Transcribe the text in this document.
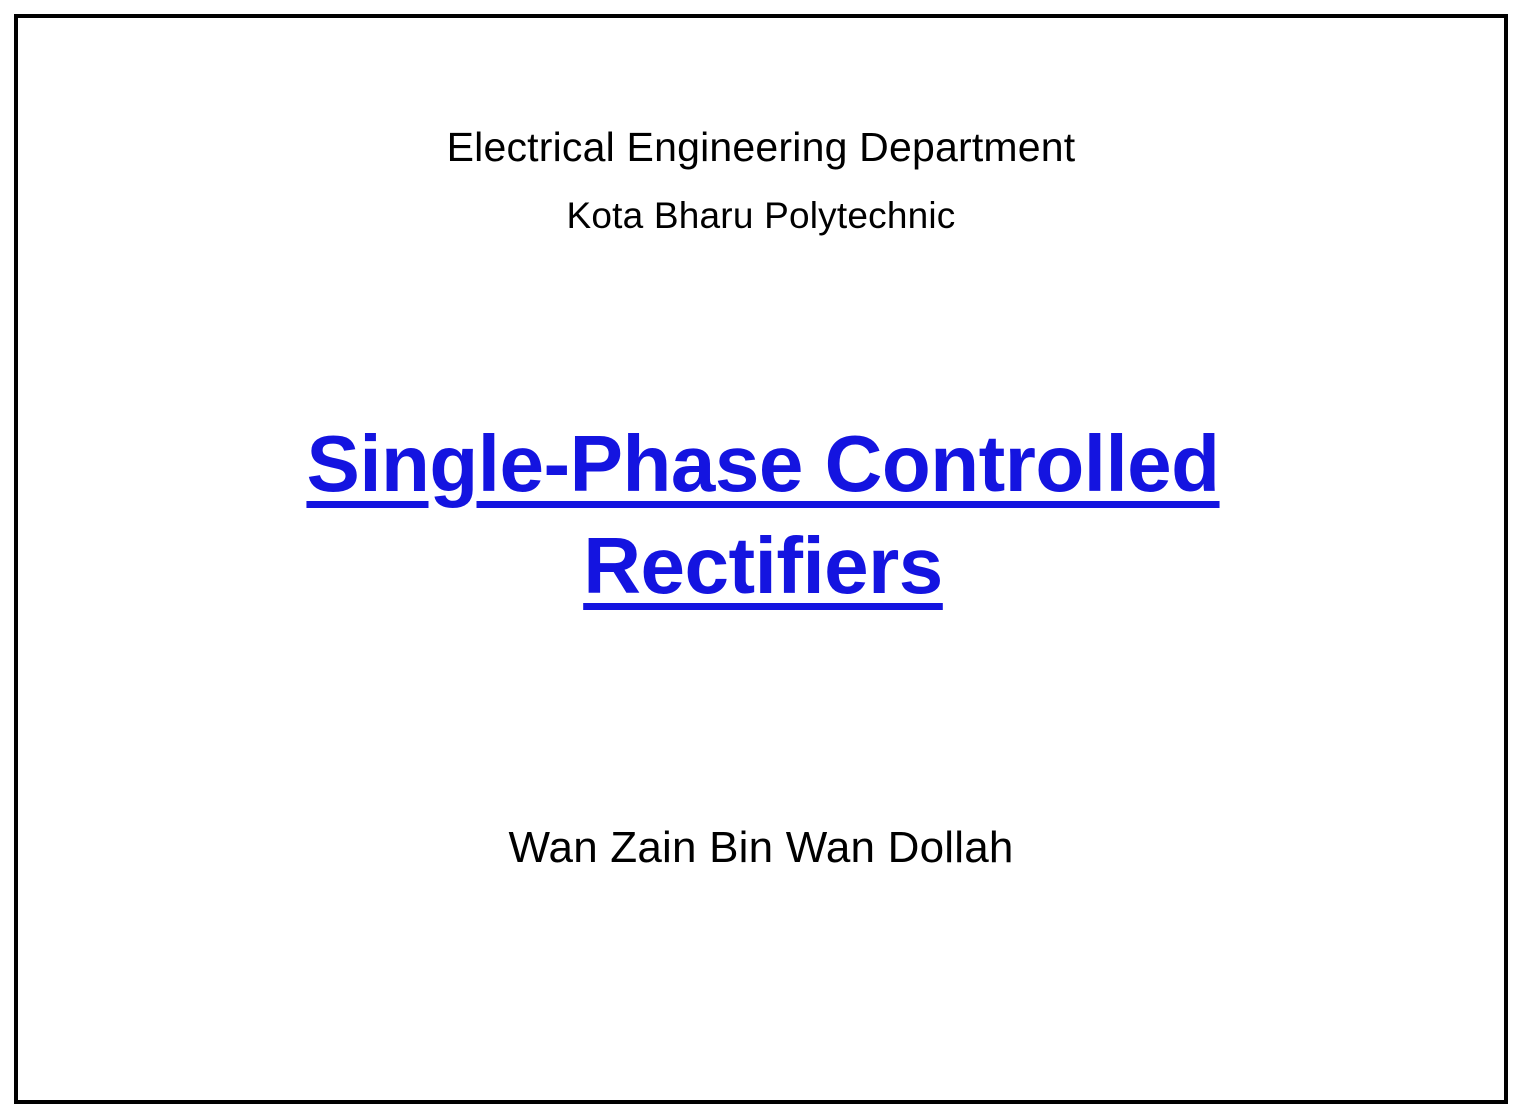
Electrical Engineering Department
Kota Bharu Polytechnic
Single-Phase Controlled Rectifiers
Wan Zain Bin Wan Dollah
